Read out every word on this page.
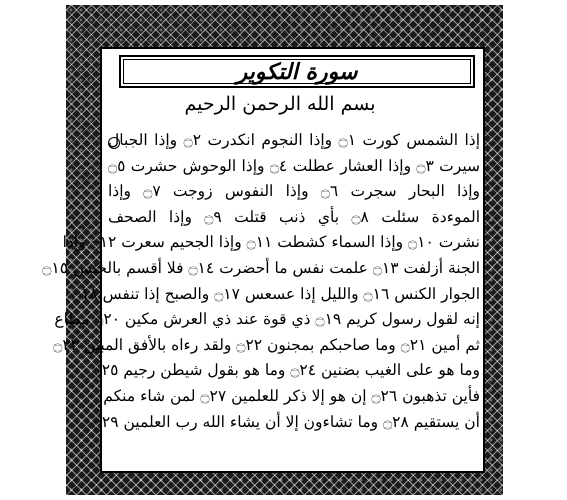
سورة التكوير
بسم الله الرحمن الرحيم
إذا الشمس كورت ۝١ وإذا النجوم انكدرت ۝٢ وإذا الجبال
سيرت ۝٣ وإذا العشار عطلت ۝٤ وإذا الوحوش حشرت ۝٥
وإذا البحار سجرت ۝٦ وإذا النفوس زوجت ۝٧ وإذا
الموءدة سئلت ۝٨ بأي ذنب قتلت ۝٩ وإذا الصحف
نشرت ۝١٠ وإذا السماء كشطت ۝١١ وإذا الجحيم سعرت ۝١٢ وإذا
الجنة أزلفت ۝١٣ علمت نفس ما أحضرت ۝١٤ فلا أقسم بالخنس ۝١٥
الجوار الكنس ۝١٦ والليل إذا عسعس ۝١٧ والصبح إذا تنفس ۝١٨
إنه لقول رسول كريم ۝١٩ ذي قوة عند ذي العرش مكين ۝٢٠ مطاع
ثم أمين ۝٢١ وما صاحبكم بمجنون ۝٢٢ ولقد رءاه بالأفق المبين ۝٢٣
وما هو على الغيب بضنين ۝٢٤ وما هو بقول شيطن رجيم ۝٢٥
فأين تذهبون ۝٢٦ إن هو إلا ذكر للعلمين ۝٢٧ لمن شاء منكم
أن يستقيم ۝٢٨ وما تشاءون إلا أن يشاء الله رب العلمين ۝٢٩
